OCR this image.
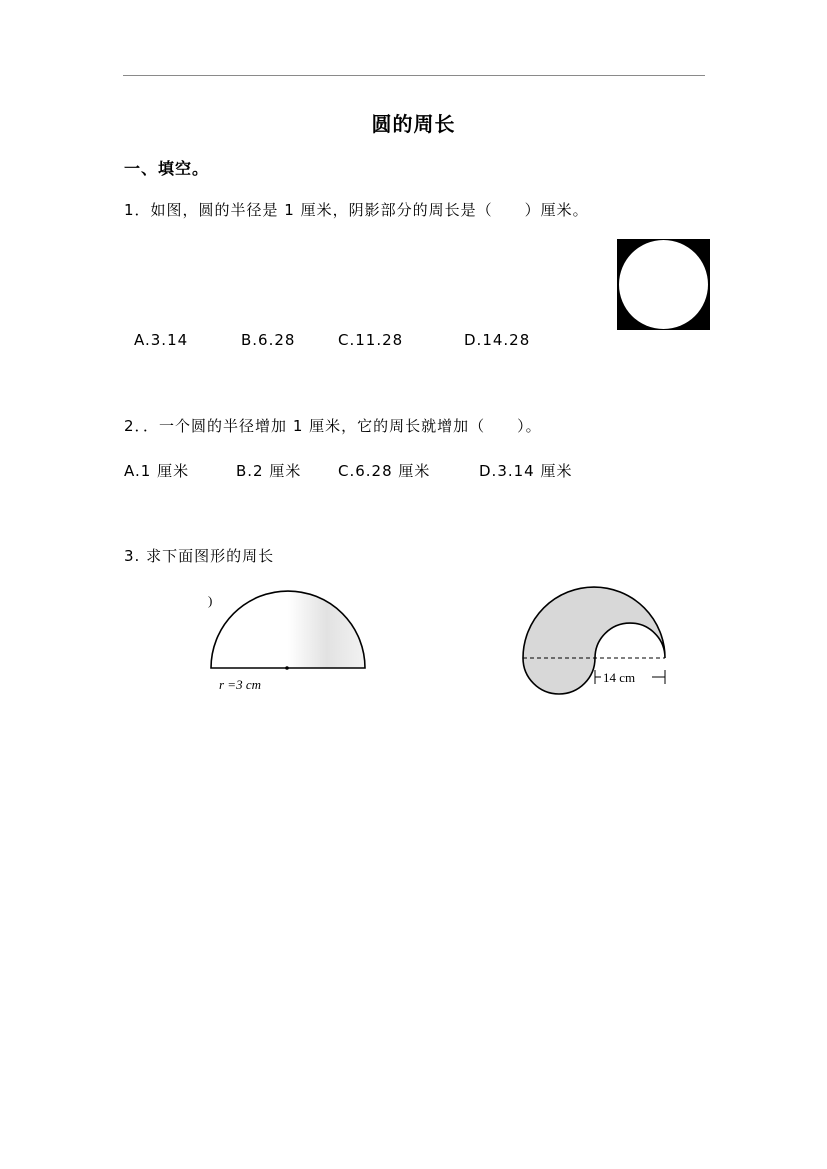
圆的周长
一、填空。
1．如图，圆的半径是 1 厘米，阴影部分的周长是（　　）厘米。
A.3.14	B.6.28	C.11.28	D.14.28
2．．一个圆的半径增加 1 厘米，它的周长就增加（　　）。
A.1 厘米	B.2 厘米 C.6.28 厘米	D.3.14 厘米
3. 求下面图形的周长
)
r =3 cm	14 cm
